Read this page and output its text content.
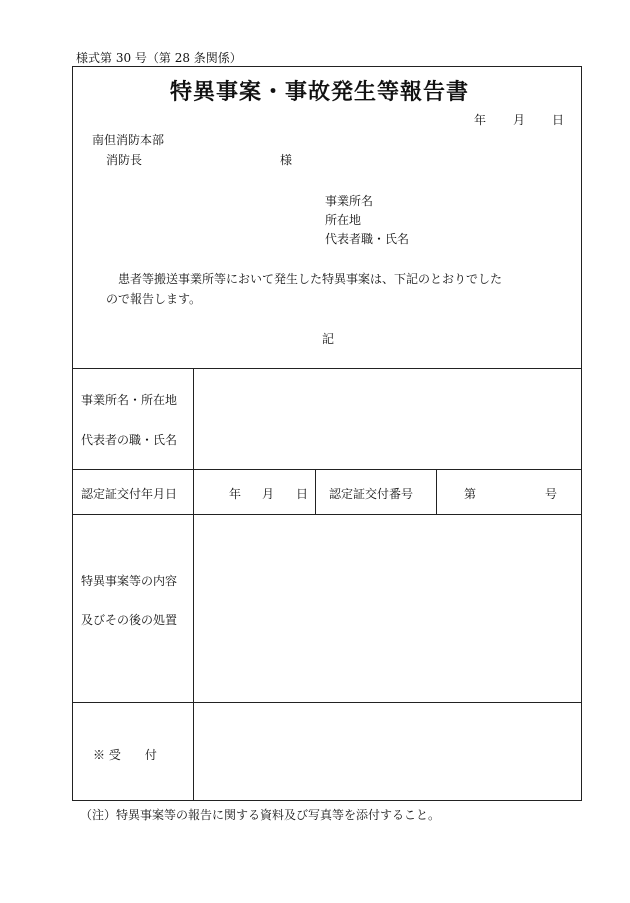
様式第 30 号（第 28 条関係）
特異事案・事故発生等報告書
年 月 日
南但消防本部
消防長	様
事業所名
所在地
代表者職・氏名
患者等搬送事業所等において発生した特異事案は、下記のとおりでした
ので報告します。
記
事業所名・所在地
代表者の職・氏名
認定証交付年月日	年 月 日 認定証交付番号	第	号
特異事案等の内容
及びその後の処置
※ 受　　付
（注）特異事案等の報告に関する資料及び写真等を添付すること。
